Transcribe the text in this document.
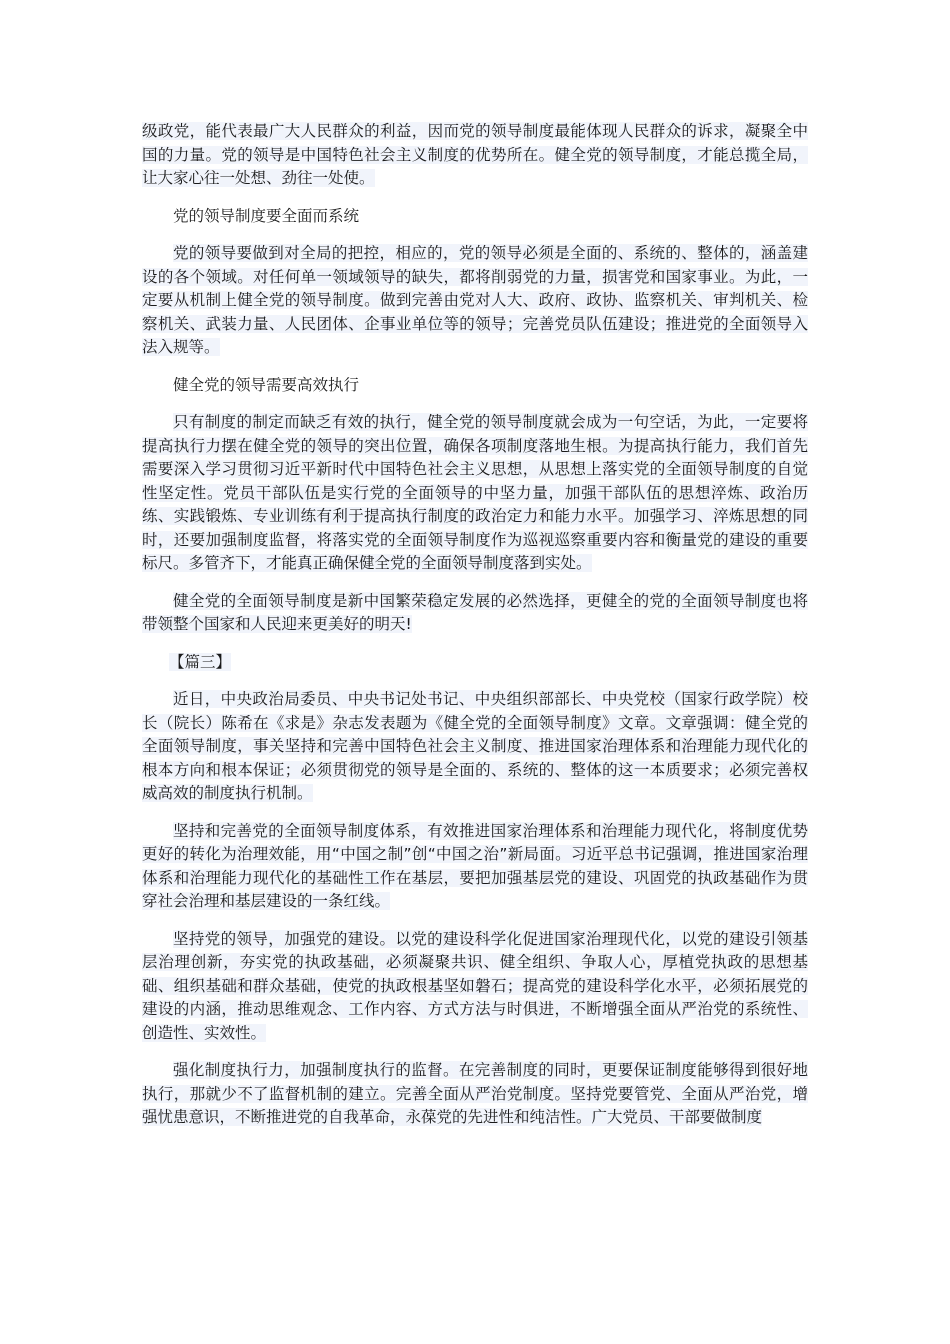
级政党，能代表最广大人民群众的利益，因而党的领导制度最能体现人民群众的诉求，凝聚全中国的力量。党的领导是中国特色社会主义制度的优势所在。健全党的领导制度，才能总揽全局，让大家心往一处想、劲往一处使。

党的领导制度要全面而系统

党的领导要做到对全局的把控，相应的，党的领导必须是全面的、系统的、整体的，涵盖建设的各个领域。对任何单一领域领导的缺失，都将削弱党的力量，损害党和国家事业。为此，一定要从机制上健全党的领导制度。做到完善由党对人大、政府、政协、监察机关、审判机关、检察机关、武装力量、人民团体、企事业单位等的领导；完善党员队伍建设；推进党的全面领导入法入规等。

健全党的领导需要高效执行

只有制度的制定而缺乏有效的执行，健全党的领导制度就会成为一句空话，为此，一定要将提高执行力摆在健全党的领导的突出位置，确保各项制度落地生根。为提高执行能力，我们首先需要深入学习贯彻习近平新时代中国特色社会主义思想，从思想上落实党的全面领导制度的自觉性坚定性。党员干部队伍是实行党的全面领导的中坚力量，加强干部队伍的思想淬炼、政治历练、实践锻炼、专业训练有利于提高执行制度的政治定力和能力水平。加强学习、淬炼思想的同时，还要加强制度监督，将落实党的全面领导制度作为巡视巡察重要内容和衡量党的建设的重要标尺。多管齐下，才能真正确保健全党的全面领导制度落到实处。

健全党的全面领导制度是新中国繁荣稳定发展的必然选择，更健全的党的全面领导制度也将带领整个国家和人民迎来更美好的明天!

【篇三】

近日，中央政治局委员、中央书记处书记、中央组织部部长、中央党校（国家行政学院）校长（院长）陈希在《求是》杂志发表题为《健全党的全面领导制度》文章。文章强调：健全党的全面领导制度，事关坚持和完善中国特色社会主义制度、推进国家治理体系和治理能力现代化的根本方向和根本保证；必须贯彻党的领导是全面的、系统的、整体的这一本质要求；必须完善权威高效的制度执行机制。

坚持和完善党的全面领导制度体系，有效推进国家治理体系和治理能力现代化，将制度优势更好的转化为治理效能，用“中国之制”创“中国之治”新局面。习近平总书记强调，推进国家治理体系和治理能力现代化的基础性工作在基层，要把加强基层党的建设、巩固党的执政基础作为贯穿社会治理和基层建设的一条红线。

坚持党的领导，加强党的建设。以党的建设科学化促进国家治理现代化，以党的建设引领基层治理创新，夯实党的执政基础，必须凝聚共识、健全组织、争取人心，厚植党执政的思想基础、组织基础和群众基础，使党的执政根基坚如磐石；提高党的建设科学化水平，必须拓展党的建设的内涵，推动思维观念、工作内容、方式方法与时俱进，不断增强全面从严治党的系统性、创造性、实效性。

强化制度执行力，加强制度执行的监督。在完善制度的同时，更要保证制度能够得到很好地执行，那就少不了监督机制的建立。完善全面从严治党制度。坚持党要管党、全面从严治党，增强忧患意识，不断推进党的自我革命，永葆党的先进性和纯洁性。广大党员、干部要做制度
